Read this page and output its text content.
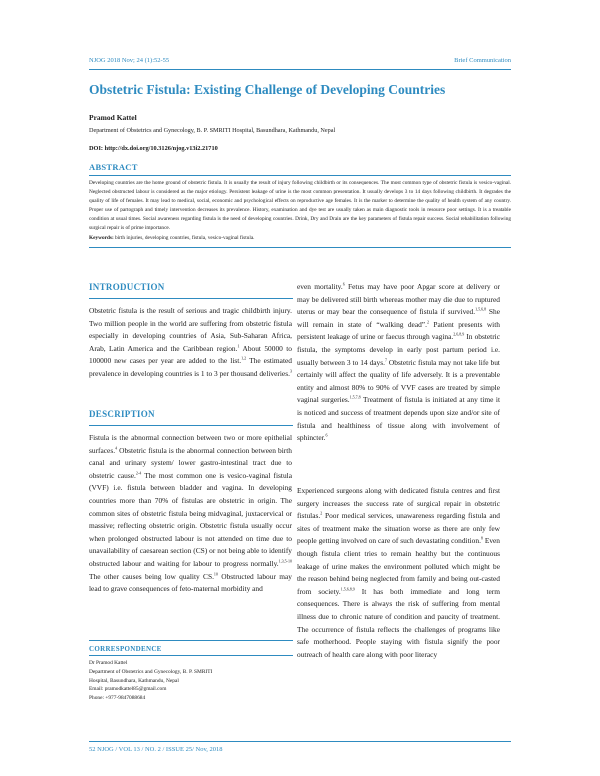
NJOG 2018 Nov; 24 (1):52-55	Brief Communication
Obstetric Fistula: Existing Challenge of Developing Countries
Pramod Kattel
Department of Obstetrics and Gynecology, B. P. SMRITI Hospital, Basundhara, Kathmandu, Nepal
DOI: http://dx.doi.org/10.3126/njog.v13i2.21710
ABSTRACT
Developing countries are the home ground of obstetric fistula. It is usually the result of injury following childbirth or its consequences. The most common type of obstetric fistula is vesico-vaginal. Neglected obstructed labour is considered as the major etiology. Persistent leakage of urine is the most common presentation. It usually develops 3 to 14 days following childbirth. It degrades the quality of life of females. It may lead to medical, social, economic and psychological effects on reproductive age females. It is the marker to determine the quality of health system of any country. Proper use of partograph and timely intervention decreases its prevalence. History, examination and dye test are usually taken as main diagnostic tools in resource poor settings. It is a treatable condition at usual times. Social awareness regarding fistula is the need of developing countries. Drink, Dry and Drain are the key parameters of fistula repair success. Social rehabilitation following surgical repair is of prime importance.
Keywords: birth injuries, developing countries, fistula, vesico-vaginal fistula.
INTRODUCTION
Obstetric fistula is the result of serious and tragic childbirth injury. Two million people in the world are suffering from obstetric fistula especially in developing countries of Asia, Sub-Saharan Africa, Arab, Latin America and the Caribbean region.$^1$ About 50000 to 100000 new cases per year are added to the list.$^{1,2}$ The estimated prevalence in developing countries is 1 to 3 per thousand deliveries.$^3$
DESCRIPTION
Fistula is the abnormal connection between two or more epithelial surfaces.$^4$ Obstetric fistula is the abnormal connection between birth canal and urinary system/ lower gastro-intestinal tract due to obstetric cause.$^{2-4}$ The most common one is vesico-vaginal fistula (VVF) i.e. fistula between bladder and vagina. In developing countries more than 70% of fistulas are obstetric in origin. The common sites of obstetric fistula being midvaginal, juxtacervical or massive; reflecting obstetric origin. Obstetric fistula usually occur when prolonged obstructed labour is not attended on time due to unavailability of caesarean section (CS) or not being able to identify obstructed labour and waiting for labour to progress normally.$^{1,3,5-10}$ The other causes being low quality CS.$^{10}$ Obstructed labour may lead to grave consequences of feto-maternal morbidity and
CORRESPONDENCE
Dr Pramod Kattel
Department of Obstetrics and Gynecology, B. P. SMRITI
Hospital, Basundhara, Kathmandu, Nepal
Email: pramodkattel85@gmail.com
Phone: +977-9847088684
even mortality.$^6$ Fetus may have poor Apgar score at delivery or may be delivered still birth whereas mother may die due to ruptured uterus or may bear the consequence of fistula if survived.$^{1,5,6,8}$ She will remain in state of “walking dead”.$^2$ Patient presents with persistent leakage of urine or faecus through vagina.$^{2,6,8,9}$ In obstetric fistula, the symptoms develop in early post partum period i.e. usually between 3 to 14 days.$^7$ Obstetric fistula may not take life but certainly will affect the quality of life adversely. It is a preventable entity and almost 80% to 90% of VVF cases are treated by simple vaginal surgeries.$^{1,5,7,8}$ Treatment of fistula is initiated at any time it is noticed and success of treatment depends upon size and/or site of fistula and healthiness of tissue along with involvement of sphincter.$^6$
Experienced surgeons along with dedicated fistula centres and first surgery increases the success rate of surgical repair in obstetric fistulas.$^2$ Poor medical services, unawareness regarding fistula and sites of treatment make the situation worse as there are only few people getting involved on care of such devastating condition.$^8$ Even though fistula client tries to remain healthy but the continuous leakage of urine makes the environment polluted which might be the reason behind being neglected from family and being out-casted from society.$^{1,5,6,8,9}$ It has both immediate and long term consequences. There is always the risk of suffering from mental illness due to chronic nature of condition and paucity of treatment. The occurrence of fistula reflects the challenges of programs like safe motherhood. People staying with fistula signify the poor outreach of health care along with poor literacy
52 NJOG / VOL 13 / NO. 2 / ISSUE 25/ Nov, 2018
